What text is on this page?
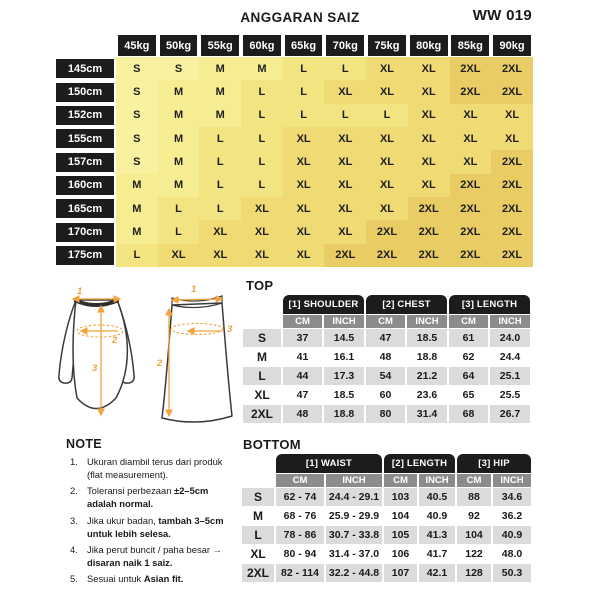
ANGGARAN SAIZ	WW 019
45kg	50kg	55kg	60kg	65kg	70kg	75kg	80kg	85kg	90kg
145cm	S	S	M	M	L	L	XL	XL	2XL	2XL
150cm	S	M	M	L	L	XL	XL	XL	2XL	2XL
152cm	S	M	M	L	L	L	L	XL	XL	XL
155cm	S	M	L	L	XL	XL	XL	XL	XL	XL
157cm	S	M	L	L	XL	XL	XL	XL	XL	2XL
160cm	M	M	L	L	XL	XL	XL	XL	2XL	2XL
165cm	M	L	L	XL	XL	XL	XL	2XL	2XL	2XL
170cm	M	L	XL	XL	XL	XL	2XL	2XL	2XL	2XL
175cm	L	XL	XL	XL	XL	2XL	2XL	2XL	2XL	2XL
TOP
	[1] SHOULDER		[2] CHEST		[3] LENGTH	
	CM	INCH	CM	INCH	CM	INCH
S	37	14.5	47	18.5	61	24.0
M	41	16.1	48	18.8	62	24.4
L	44	17.3	54	21.2	64	25.1
XL	47	18.5	60	23.6	65	25.5
2XL	48	18.8	80	31.4	68	26.7
BOTTOM
	[1] WAIST		[2] LENGTH		[3] HIP	
	CM	INCH	CM	INCH	CM	INCH
S	62 - 74	24.4 - 29.1	103	40.5	88	34.6
M	68 - 76	25.9 - 29.9	104	40.9	92	36.2
L	78 - 86	30.7 - 33.8	105	41.3	104	40.9
XL	80 - 94	31.4 - 37.0	106	41.7	122	48.0
2XL	82 - 114	32.2 - 44.8	107	42.1	128	50.3
NOTE
1. Ukuran diambil terus dari produk (flat measurement).
2. Toleransi perbezaan ±2–5cm adalah normal.
3. Jika ukur badan, tambah 3–5cm untuk lebih selesa.
4. Jika perut buncit / paha besar → disaran naik 1 saiz.
5. Sesuai untuk Asian fit.
1
2
3
1
3
2
